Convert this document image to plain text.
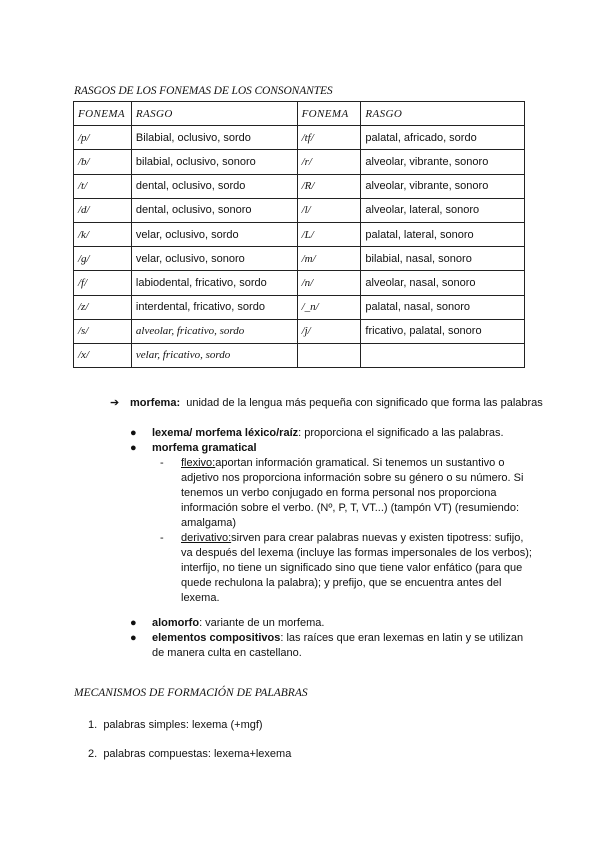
RASGOS DE LOS FONEMAS DE LOS CONSONANTES
FONEMA	RASGO	FONEMA	RASGO
/p/	Bilabial, oclusivo, sordo	/tf/	palatal, africado, sordo
/b/	bilabial, oclusivo, sonoro	/r/	alveolar, vibrante, sonoro
/t/	dental, oclusivo, sordo	/R/	alveolar, vibrante, sonoro
/d/	dental, oclusivo, sonoro	/l/	alveolar, lateral, sonoro
/k/	velar, oclusivo, sordo	/L/	palatal, lateral, sonoro
/g/	velar, oclusivo, sonoro	/m/	bilabial, nasal, sonoro
/f/	labiodental, fricativo, sordo	/n/	alveolar, nasal, sonoro
/z/	interdental, fricativo, sordo	/_n/	palatal, nasal, sonoro
/s/	alveolar, fricativo, sordo	/j/	fricativo, palatal, sonoro
/x/	velar, fricativo, sordo		
➔ morfema: unidad de la lengua más pequeña con significado que forma las palabras
● lexema/ morfema léxico/raíz: proporciona el significado a las palabras.
● morfema gramatical
- flexivo:aportan información gramatical. Si tenemos un sustantivo o adjetivo nos proporciona información sobre su género o su número. Si tenemos un verbo conjugado en forma personal nos proporciona información sobre el verbo. (Nº, P, T, VT...) (tampón VT) (resumiendo: amalgama)
- derivativo:sirven para crear palabras nuevas y existen tipotress: sufijo, va después del lexema (incluye las formas impersonales de los verbos); interfijo, no tiene un significado sino que tiene valor enfático (para que quede rechulona la palabra); y prefijo, que se encuentra antes del lexema.
● alomorfo: variante de un morfema.
● elementos compositivos: las raíces que eran lexemas en latin y se utilizan de manera culta en castellano.
MECANISMOS DE FORMACIÓN DE PALABRAS
1. palabras simples: lexema (+mgf)
2. palabras compuestas: lexema+lexema
